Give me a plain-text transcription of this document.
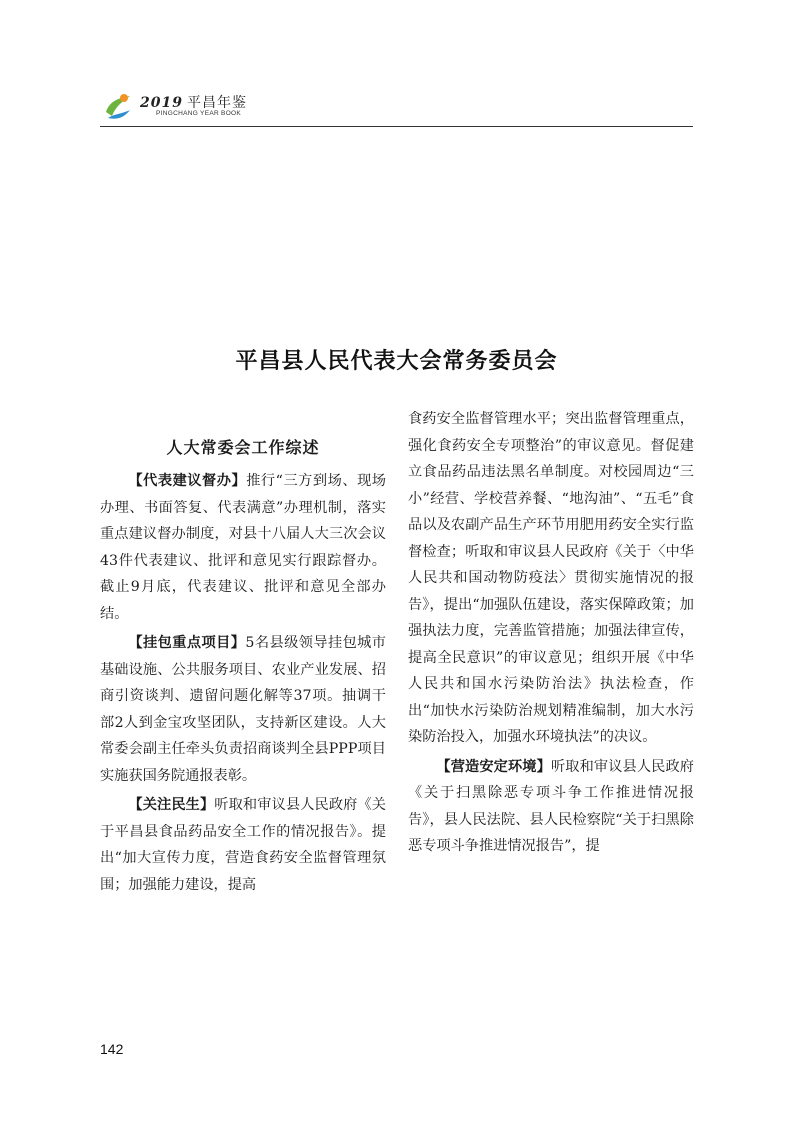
2019 平昌年鉴
PINGCHANG YEAR BOOK
平昌县人民代表大会常务委员会
人大常委会工作综述

【代表建议督办】推行“三方到场、现场办理、书面答复、代表满意”办理机制，落实重点建议督办制度，对县十八届人大三次会议43件代表建议、批评和意见实行跟踪督办。截止9月底，代表建议、批评和意见全部办结。

【挂包重点项目】5名县级领导挂包城市基础设施、公共服务项目、农业产业发展、招商引资谈判、遗留问题化解等37项。抽调干部2人到金宝攻坚团队，支持新区建设。人大常委会副主任牵头负责招商谈判全县PPP项目实施获国务院通报表彰。

【关注民生】听取和审议县人民政府《关于平昌县食品药品安全工作的情况报告》。提出“加大宣传力度，营造食药安全监督管理氛围；加强能力建设，提高

食药安全监督管理水平；突出监督管理重点，强化食药安全专项整治”的审议意见。督促建立食品药品违法黑名单制度。对校园周边“三小”经营、学校营养餐、“地沟油”、“五毛”食品以及农副产品生产环节用肥用药安全实行监督检查；听取和审议县人民政府《关于〈中华人民共和国动物防疫法〉贯彻实施情况的报告》，提出“加强队伍建设，落实保障政策；加强执法力度，完善监管措施；加强法律宣传，提高全民意识”的审议意见；组织开展《中华人民共和国水污染防治法》执法检查，作出“加快水污染防治规划精准编制，加大水污染防治投入，加强水环境执法”的决议。

【营造安定环境】听取和审议县人民政府《关于扫黑除恶专项斗争工作推进情况报告》，县人民法院、县人民检察院“关于扫黑除恶专项斗争推进情况报告”，提

142
